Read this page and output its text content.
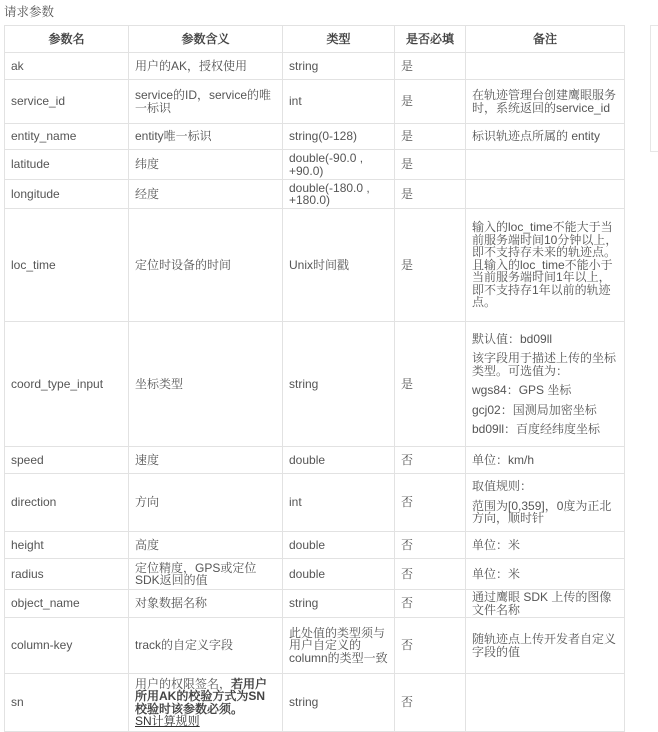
请求参数
参数名	参数含义	类型	是否必填	备注
ak	用户的AK，授权使用	string	是	

service_id	service的ID，service的唯一标识	int	是	在轨迹管理台创建鹰眼服务时，系统返回的service_id

entity_name	entity唯一标识	string(0-128)	是	标识轨迹点所属的 entity

latitude	纬度	double(-90.0 , +90.0)	是	

longitude	经度	double(-180.0 , +180.0)	是	

loc_time	定位时设备的时间	Unix时间戳	是	输入的loc_time不能大于当前服务端时间10分钟以上，即不支持存未来的轨迹点。

且输入的loc_time不能小于当前服务端时间1年以上，即不支持存1年以前的轨迹点。

coord_type_input	坐标类型	string	是	默认值：bd09ll

该字段用于描述上传的坐标类型。可选值为：

wgs84：GPS 坐标

gcj02：国测局加密坐标

bd09ll：百度经纬度坐标

speed	速度	double	否	单位：km/h

direction	方向	int	否	取值规则：

范围为[0,359]，0度为正北方向，顺时针

height	高度	double	否	单位：米

radius	定位精度，GPS或定位SDK返回的值	double	否	单位：米

object_name	对象数据名称	string	否	通过鹰眼 SDK 上传的图像文件名称

column-key	track的自定义字段	此处值的类型须与用户自定义的column的类型一致	否	随轨迹点上传开发者自定义字段的值

sn	用户的权限签名，若用户所用AK的校验方式为SN校验时该参数必须。
SN计算规则	string	否	
